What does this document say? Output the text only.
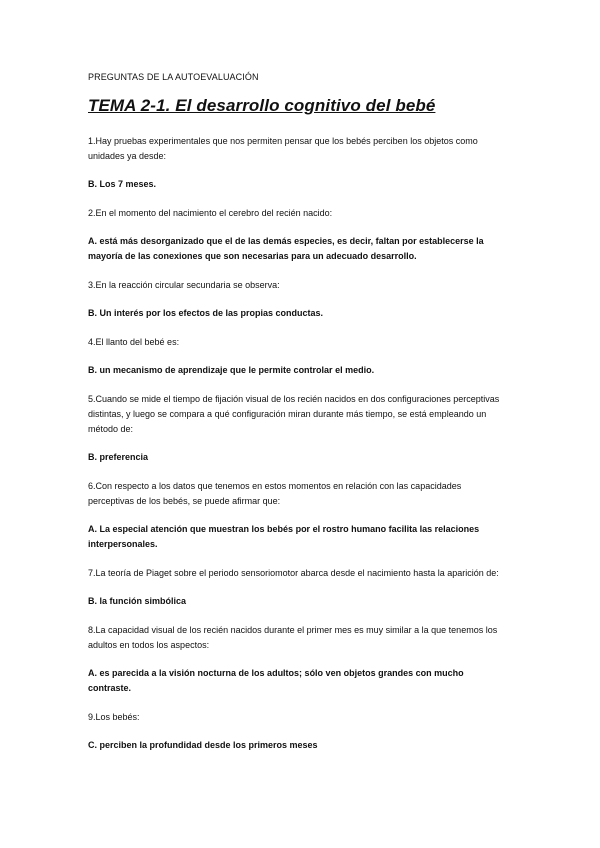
PREGUNTAS DE LA AUTOEVALUACIÓN
TEMA 2-1. El desarrollo cognitivo del bebé

1.Hay pruebas experimentales que nos permiten pensar que los bebés perciben los objetos como unidades ya desde:

B. Los 7 meses.

2.En el momento del nacimiento el cerebro del recién nacido:

A. está más desorganizado que el de las demás especies, es decir, faltan por establecerse la mayoría de las conexiones que son necesarias para un adecuado desarrollo.

3.En la reacción circular secundaria se observa:

B. Un interés por los efectos de las propias conductas.

4.El llanto del bebé es:

B. un mecanismo de aprendizaje que le permite controlar el medio.

5.Cuando se mide el tiempo de fijación visual de los recién nacidos en dos configuraciones perceptivas distintas, y luego se compara a qué configuración miran durante más tiempo, se está empleando un método de:

B. preferencia

6.Con respecto a los datos que tenemos en estos momentos en relación con las capacidades perceptivas de los bebés, se puede afirmar que:

A. La especial atención que muestran los bebés por el rostro humano facilita las relaciones interpersonales.

7.La teoría de Piaget sobre el periodo sensoriomotor abarca desde el nacimiento hasta la aparición de:

B. la función simbólica

8.La capacidad visual de los recién nacidos durante el primer mes es muy similar a la que tenemos los adultos en todos los aspectos:

A. es parecida a la visión nocturna de los adultos; sólo ven objetos grandes con mucho contraste.

9.Los bebés:

C. perciben la profundidad desde los primeros meses
